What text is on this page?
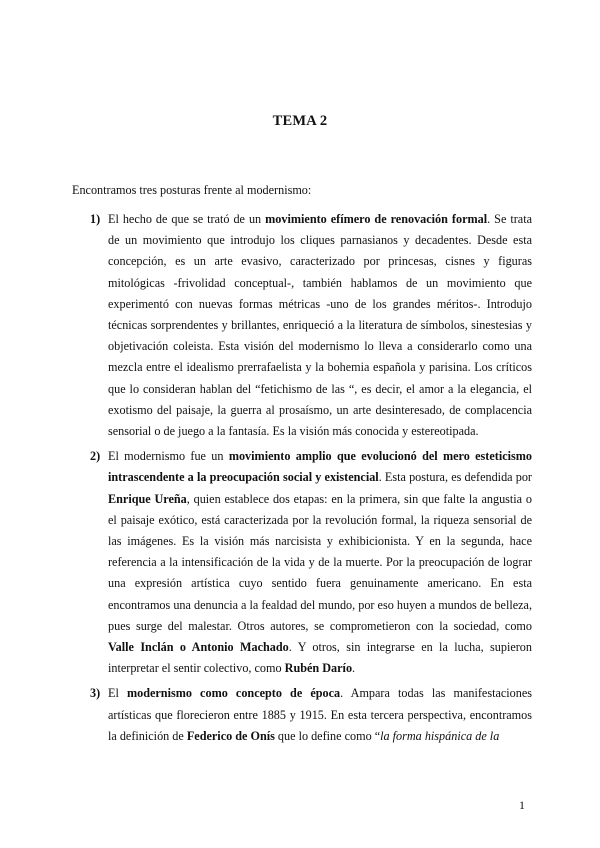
TEMA 2
Encontramos tres posturas frente al modernismo:
1) El hecho de que se trató de un movimiento efímero de renovación formal. Se trata de un movimiento que introdujo los cliques parnasianos y decadentes. Desde esta concepción, es un arte evasivo, caracterizado por princesas, cisnes y figuras mitológicas -frivolidad conceptual-, también hablamos de un movimiento que experimentó con nuevas formas métricas -uno de los grandes méritos-. Introdujo técnicas sorprendentes y brillantes, enriqueció a la literatura de símbolos, sinestesias y objetivación coleista. Esta visión del modernismo lo lleva a considerarlo como una mezcla entre el idealismo prerrafaelista y la bohemia española y parisina. Los críticos que lo consideran hablan del “fetichismo de las “, es decir, el amor a la elegancia, el exotismo del paisaje, la guerra al prosaísmo, un arte desinteresado, de complacencia sensorial o de juego a la fantasía. Es la visión más conocida y estereotipada.
2) El modernismo fue un movimiento amplio que evolucionó del mero esteticismo intrascendente a la preocupación social y existencial. Esta postura, es defendida por Enrique Ureña, quien establece dos etapas: en la primera, sin que falte la angustia o el paisaje exótico, está caracterizada por la revolución formal, la riqueza sensorial de las imágenes. Es la visión más narcisista y exhibicionista. Y en la segunda, hace referencia a la intensificación de la vida y de la muerte. Por la preocupación de lograr una expresión artística cuyo sentido fuera genuinamente americano. En esta encontramos una denuncia a la fealdad del mundo, por eso huyen a mundos de belleza, pues surge del malestar. Otros autores, se comprometieron con la sociedad, como Valle Inclán o Antonio Machado. Y otros, sin integrarse en la lucha, supieron interpretar el sentir colectivo, como Rubén Darío.
3) El modernismo como concepto de época. Ampara todas las manifestaciones artísticas que florecieron entre 1885 y 1915. En esta tercera perspectiva, encontramos la definición de Federico de Onís que lo define como “la forma hispánica de la
1
